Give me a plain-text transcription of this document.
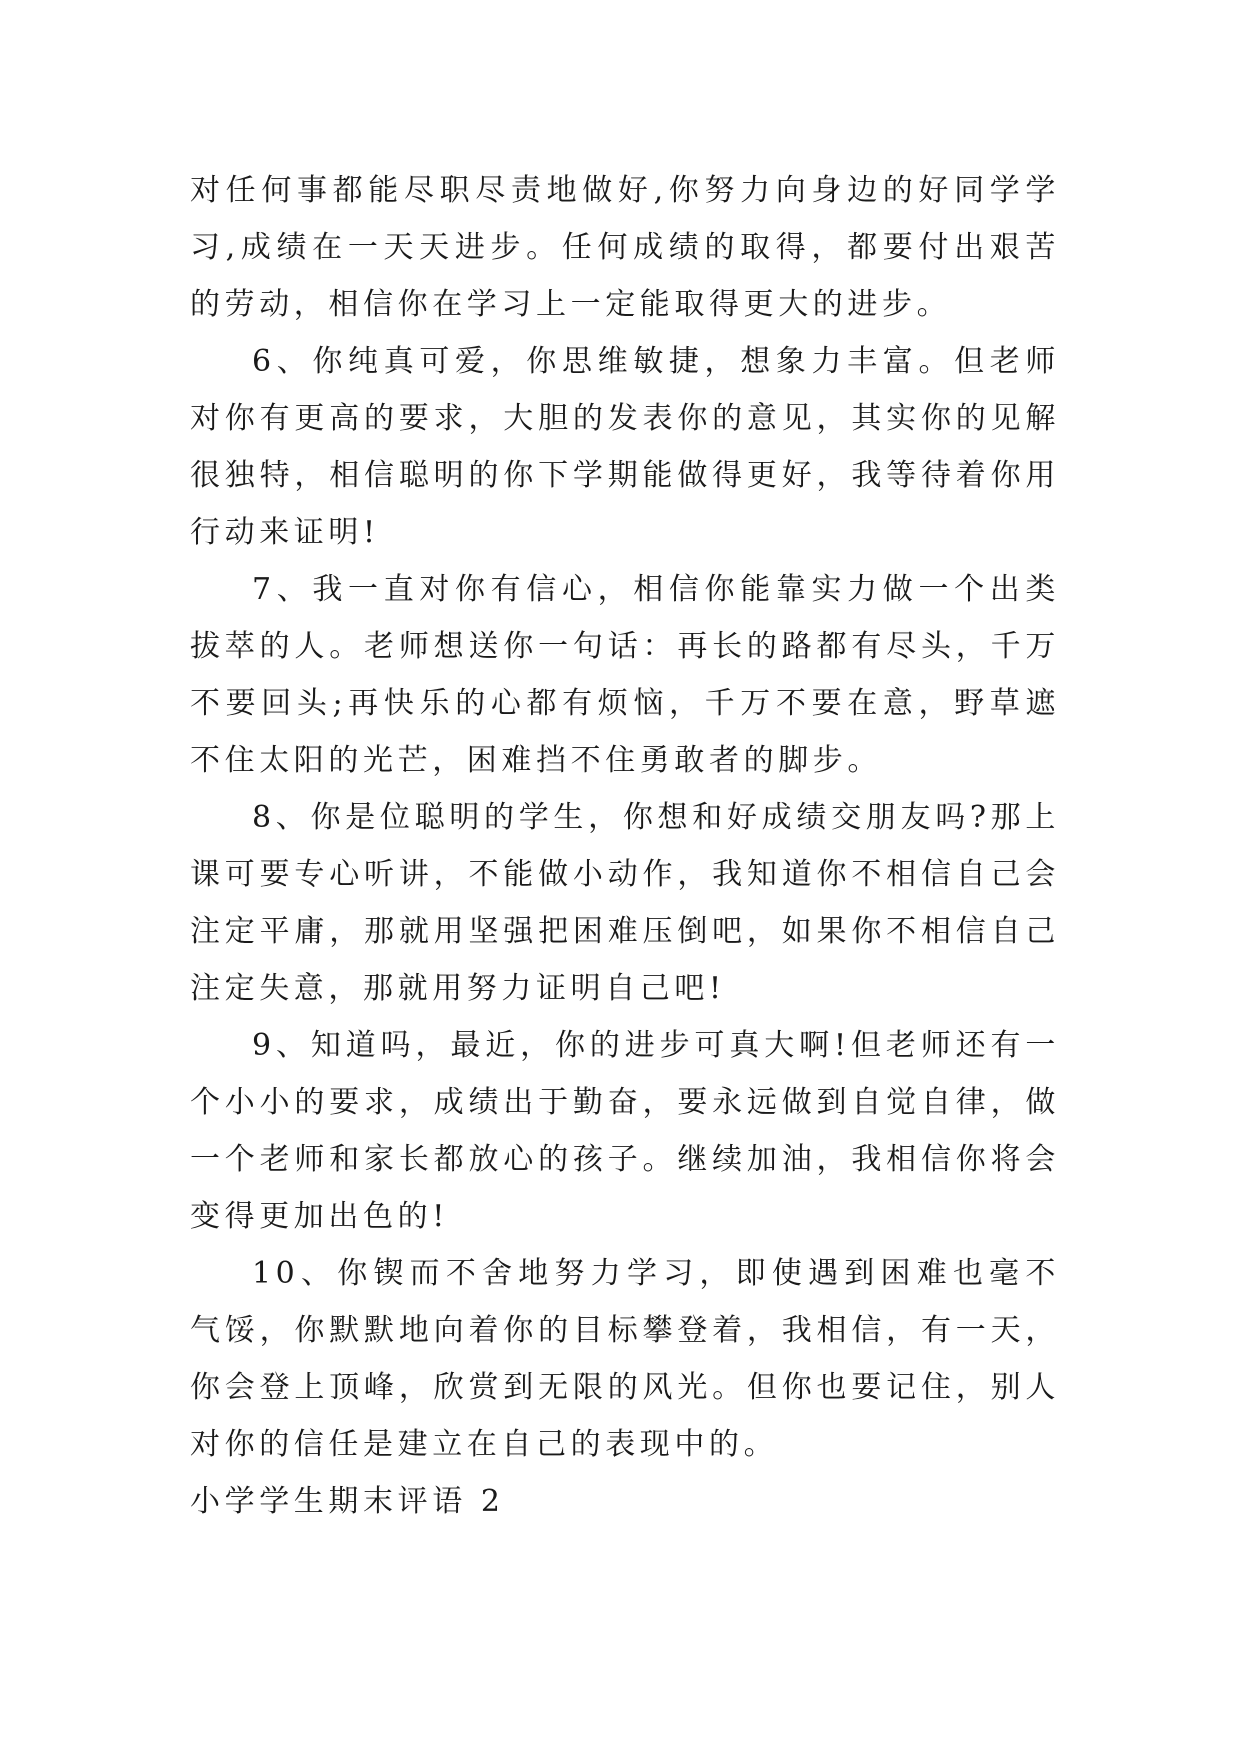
对任何事都能尽职尽责地做好,你努力向身边的好同学学习,成绩在一天天进步。任何成绩的取得，都要付出艰苦的劳动，相信你在学习上一定能取得更大的进步。

6、你纯真可爱，你思维敏捷，想象力丰富。但老师对你有更高的要求，大胆的发表你的意见，其实你的见解很独特，相信聪明的你下学期能做得更好，我等待着你用行动来证明!

7、我一直对你有信心，相信你能靠实力做一个出类拔萃的人。老师想送你一句话：再长的路都有尽头，千万不要回头;再快乐的心都有烦恼，千万不要在意，野草遮不住太阳的光芒，困难挡不住勇敢者的脚步。

8、你是位聪明的学生，你想和好成绩交朋友吗?那上课可要专心听讲，不能做小动作，我知道你不相信自己会注定平庸，那就用坚强把困难压倒吧，如果你不相信自己注定失意，那就用努力证明自己吧!

9、知道吗，最近，你的进步可真大啊!但老师还有一个小小的要求，成绩出于勤奋，要永远做到自觉自律，做一个老师和家长都放心的孩子。继续加油，我相信你将会变得更加出色的!

10、你锲而不舍地努力学习，即使遇到困难也毫不气馁，你默默地向着你的目标攀登着，我相信，有一天，你会登上顶峰，欣赏到无限的风光。但你也要记住，别人对你的信任是建立在自己的表现中的。

小学学生期末评语 2
